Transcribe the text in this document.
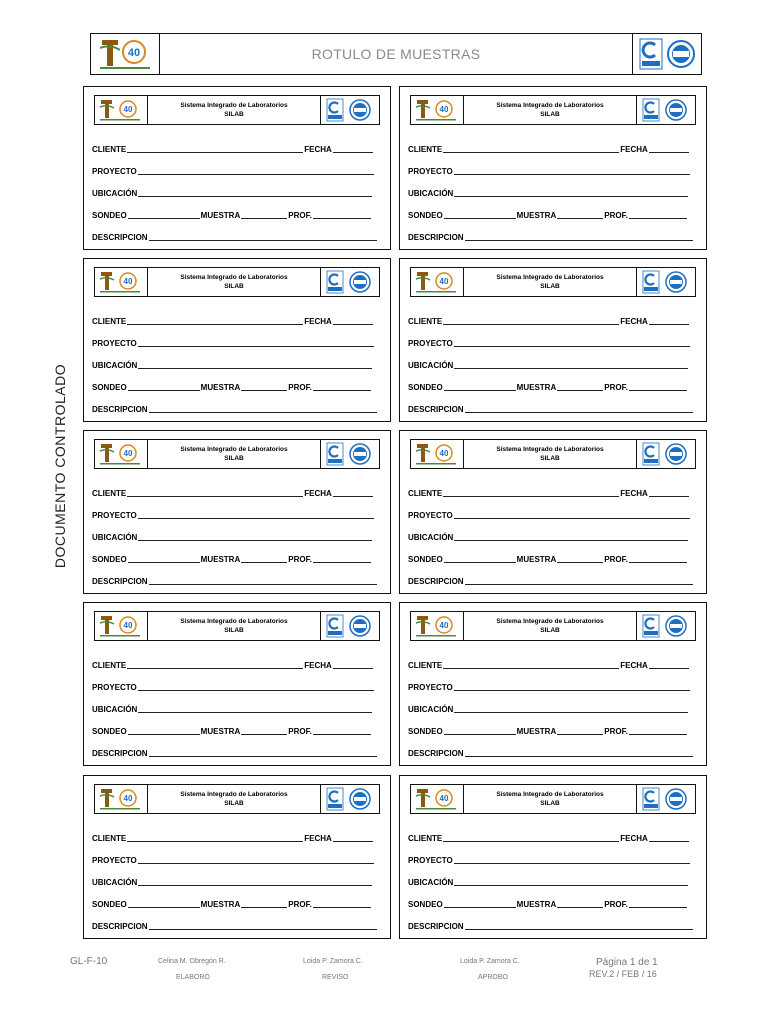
DOCUMENTO CONTROLADO
40	ROTULO DE MUESTRAS
40	Sistema Integrado de Laboratorios
SILAB
CLIENTE	FECHA
PROYECTO
UBICACIÓN
SONDEO	MUESTRA	PROF.
DESCRIPCION
40	Sistema Integrado de Laboratorios
SILAB
CLIENTE	FECHA
PROYECTO
UBICACIÓN
SONDEO	MUESTRA	PROF.
DESCRIPCION
40	Sistema Integrado de Laboratorios
SILAB
CLIENTE	FECHA
PROYECTO
UBICACIÓN
SONDEO	MUESTRA	PROF.
DESCRIPCION
40	Sistema Integrado de Laboratorios
SILAB
CLIENTE	FECHA
PROYECTO
UBICACIÓN
SONDEO	MUESTRA	PROF.
DESCRIPCION
40	Sistema Integrado de Laboratorios
SILAB
CLIENTE	FECHA
PROYECTO
UBICACIÓN
SONDEO	MUESTRA	PROF.
DESCRIPCION
40	Sistema Integrado de Laboratorios
SILAB
CLIENTE	FECHA
PROYECTO
UBICACIÓN
SONDEO	MUESTRA	PROF.
DESCRIPCION
40	Sistema Integrado de Laboratorios
SILAB
CLIENTE	FECHA
PROYECTO
UBICACIÓN
SONDEO	MUESTRA	PROF.
DESCRIPCION
40	Sistema Integrado de Laboratorios
SILAB
CLIENTE	FECHA
PROYECTO
UBICACIÓN
SONDEO	MUESTRA	PROF.
DESCRIPCION
40	Sistema Integrado de Laboratorios
SILAB
CLIENTE	FECHA
PROYECTO
UBICACIÓN
SONDEO	MUESTRA	PROF.
DESCRIPCION
40	Sistema Integrado de Laboratorios
SILAB
CLIENTE	FECHA
PROYECTO
UBICACIÓN
SONDEO	MUESTRA	PROF.
DESCRIPCION
GL-F-10	Celina M. Obregón R.
ELABORÓ
Loida P. Zamora C.
REVISO
Loida P. Zamora C.
APROBO
Página 1 de 1
REV.2 / FEB / 16
